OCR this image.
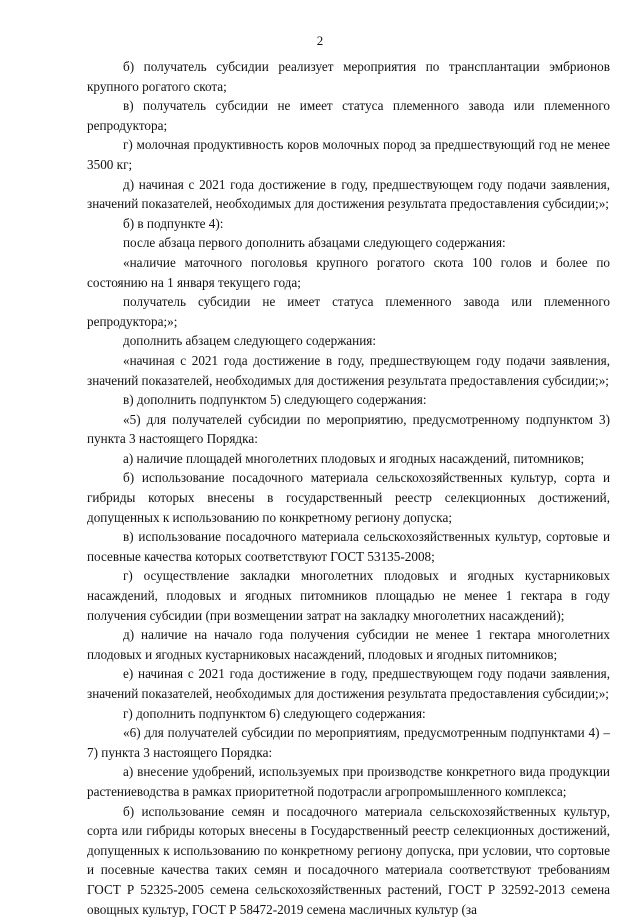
2

б) получатель субсидии реализует мероприятия по трансплантации эмбрионов крупного рогатого скота;

в) получатель субсидии не имеет статуса племенного завода или племенного репродуктора;

г) молочная продуктивность коров молочных пород за предшествующий год не менее 3500 кг;

д) начиная с 2021 года достижение в году, предшествующем году подачи заявления, значений показателей, необходимых для достижения результата предоставления субсидии;»;

б) в подпункте 4):

после абзаца первого дополнить абзацами следующего содержания:

«наличие маточного поголовья крупного рогатого скота 100 голов и более по состоянию на 1 января текущего года;

получатель субсидии не имеет статуса племенного завода или племенного репродуктора;»;

дополнить абзацем следующего содержания:

«начиная с 2021 года достижение в году, предшествующем году подачи заявления, значений показателей, необходимых для достижения результата предоставления субсидии;»;

в) дополнить подпунктом 5) следующего содержания:

«5) для получателей субсидии по мероприятию, предусмотренному подпунктом 3) пункта 3 настоящего Порядка:

а) наличие площадей многолетних плодовых и ягодных насаждений, питомников;

б) использование посадочного материала сельскохозяйственных культур, сорта и гибриды которых внесены в государственный реестр селекционных достижений, допущенных к использованию по конкретному региону допуска;

в) использование посадочного материала сельскохозяйственных культур, сортовые и посевные качества которых соответствуют ГОСТ 53135-2008;

г) осуществление закладки многолетних плодовых и ягодных кустарниковых насаждений, плодовых и ягодных питомников площадью не менее 1 гектара в году получения субсидии (при возмещении затрат на закладку многолетних насаждений);

д) наличие на начало года получения субсидии не менее 1 гектара многолетних плодовых и ягодных кустарниковых насаждений, плодовых и ягодных питомников;

е) начиная с 2021 года достижение в году, предшествующем году подачи заявления, значений показателей, необходимых для достижения результата предоставления субсидии;»;

г) дополнить подпунктом 6) следующего содержания:

«6) для получателей субсидии по мероприятиям, предусмотренным подпунктами 4) – 7) пункта 3 настоящего Порядка:

а) внесение удобрений, используемых при производстве конкретного вида продукции растениеводства в рамках приоритетной подотрасли агропромышленного комплекса;

б) использование семян и посадочного материала сельскохозяйственных культур, сорта или гибриды которых внесены в Государственный реестр селекционных достижений, допущенных к использованию по конкретному региону допуска, при условии, что сортовые и посевные качества таких семян и посадочного материала соответствуют требованиям ГОСТ Р 52325-2005 семена сельскохозяйственных растений, ГОСТ Р 32592-2013 семена овощных культур, ГОСТ Р 58472-2019 семена масличных культур (за
